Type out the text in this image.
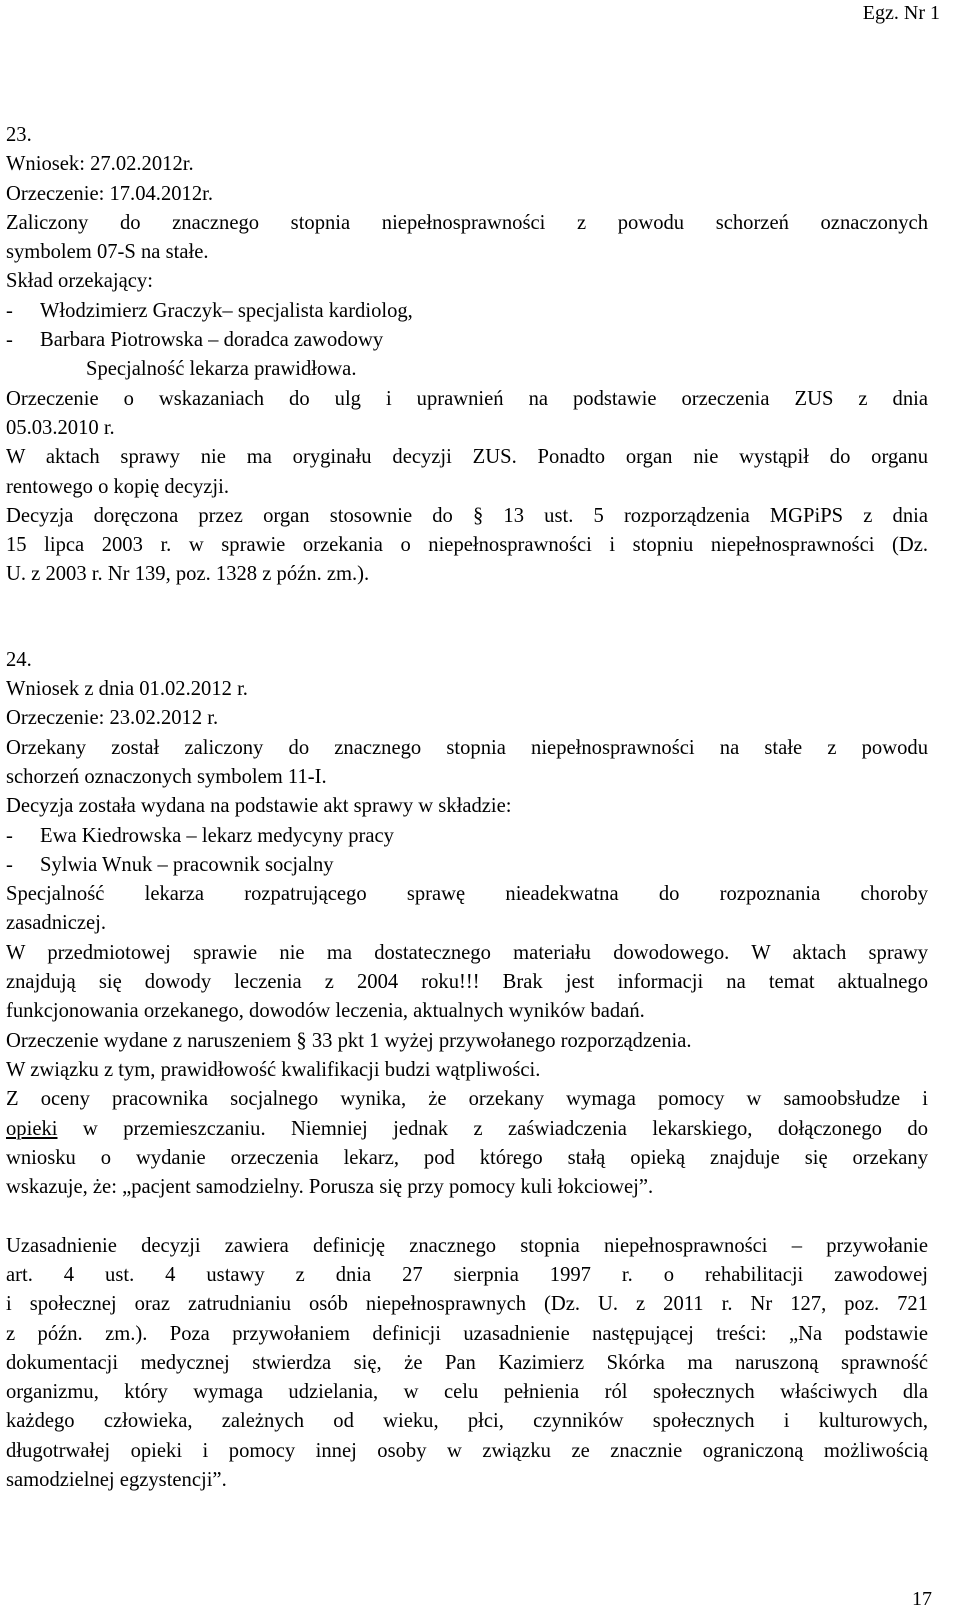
Egz. Nr 1
23.
Wniosek: 27.02.2012r.
Orzeczenie: 17.04.2012r.
Zaliczony do znacznego stopnia niepełnosprawności z powodu schorzeń oznaczonych
symbolem 07-S na stałe.
Skład orzekający:
- Włodzimierz Graczyk– specjalista kardiolog,
- Barbara Piotrowska – doradca zawodowy
Specjalność lekarza prawidłowa.
Orzeczenie o wskazaniach do ulg i uprawnień na podstawie orzeczenia ZUS z dnia
05.03.2010 r.
W aktach sprawy nie ma oryginału decyzji ZUS. Ponadto organ nie wystąpił do organu
rentowego o kopię decyzji.
Decyzja doręczona przez organ stosownie do § 13 ust. 5 rozporządzenia MGPiPS z dnia
15 lipca 2003 r. w sprawie orzekania o niepełnosprawności i stopniu niepełnosprawności (Dz.
U. z 2003 r. Nr 139, poz. 1328 z późn. zm.).
24.
Wniosek z dnia 01.02.2012 r.
Orzeczenie: 23.02.2012 r.
Orzekany został zaliczony do znacznego stopnia niepełnosprawności na stałe z powodu
schorzeń oznaczonych symbolem 11-I.
Decyzja została wydana na podstawie akt sprawy w składzie:
- Ewa Kiedrowska – lekarz medycyny pracy
- Sylwia Wnuk – pracownik socjalny
Specjalność lekarza rozpatrującego sprawę nieadekwatna do rozpoznania choroby
zasadniczej.
W przedmiotowej sprawie nie ma dostatecznego materiału dowodowego. W aktach sprawy
znajdują się dowody leczenia z 2004 roku!!! Brak jest informacji na temat aktualnego
funkcjonowania orzekanego, dowodów leczenia, aktualnych wyników badań.
Orzeczenie wydane z naruszeniem § 33 pkt 1 wyżej przywołanego rozporządzenia.
W związku z tym, prawidłowość kwalifikacji budzi wątpliwości.
Z oceny pracownika socjalnego wynika, że orzekany wymaga pomocy w samoobsłudze i
opieki w przemieszczaniu. Niemniej jednak z zaświadczenia lekarskiego, dołączonego do
wniosku o wydanie orzeczenia lekarz, pod którego stałą opieką znajduje się orzekany
wskazuje, że: „pacjent samodzielny. Porusza się przy pomocy kuli łokciowej”.
Uzasadnienie decyzji zawiera definicję znacznego stopnia niepełnosprawności – przywołanie
art. 4 ust. 4 ustawy z dnia 27 sierpnia 1997 r. o rehabilitacji zawodowej
i społecznej oraz zatrudnianiu osób niepełnosprawnych (Dz. U. z 2011 r. Nr 127, poz. 721
z późn. zm.). Poza przywołaniem definicji uzasadnienie następującej treści: „Na podstawie
dokumentacji medycznej stwierdza się, że Pan Kazimierz Skórka ma naruszoną sprawność
organizmu, który wymaga udzielania, w celu pełnienia ról społecznych właściwych dla
każdego człowieka, zależnych od wieku, płci, czynników społecznych i kulturowych,
długotrwałej opieki i pomocy innej osoby w związku ze znacznie ograniczoną możliwością
samodzielnej egzystencji”.
17
